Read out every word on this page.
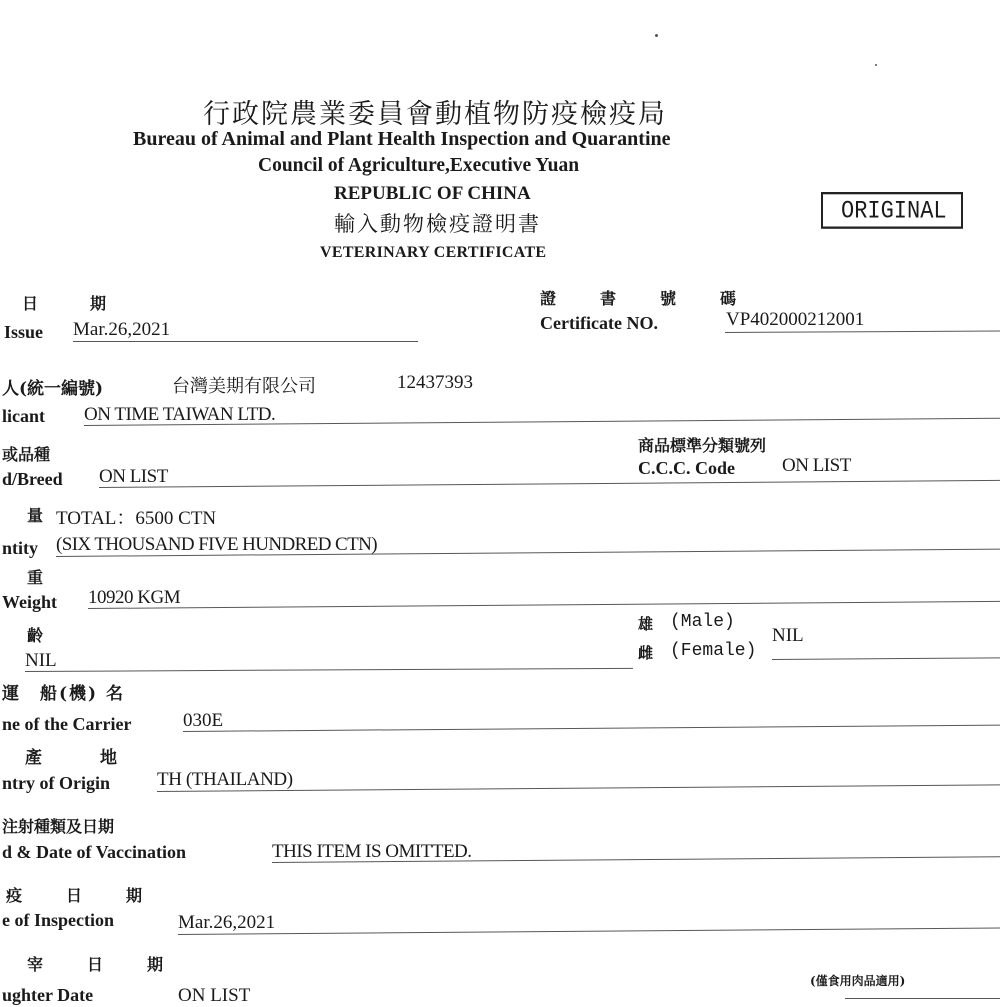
行政院農業委員會動植物防疫檢疫局
Bureau of Animal and Plant Health Inspection and Quarantine
Council of Agriculture,Executive Yuan
REPUBLIC OF CHINA
輸入動物檢疫證明書
VETERINARY CERTIFICATE
ORIGINAL
日　期
Issue Mar.26,2021
證　書　號　碼
Certificate NO.	VP402000212001
人(統一編號)	台灣美期有限公司	12437393
licant ON TIME TAIWAN LTD.
或品種
d/Breed ON LIST
商品標準分類號列
C.C.C. Code ON LIST
量 TOTAL：6500 CTN
ntity (SIX THOUSAND FIVE HUNDRED CTN)
重
Weight 10920 KGM
齡
NIL
雄 (Male)
雌 (Female)
NIL
運　船(機) 名
ne of the Carrier	030E
產　　地
ntry of Origin TH (THAILAND)
注射種類及日期
d & Date of Vaccination	THIS ITEM IS OMITTED.
疫　日　期
e of Inspection	Mar.26,2021
宰　日　期
ughter Date	ON LIST
(僅食用肉品適用)
